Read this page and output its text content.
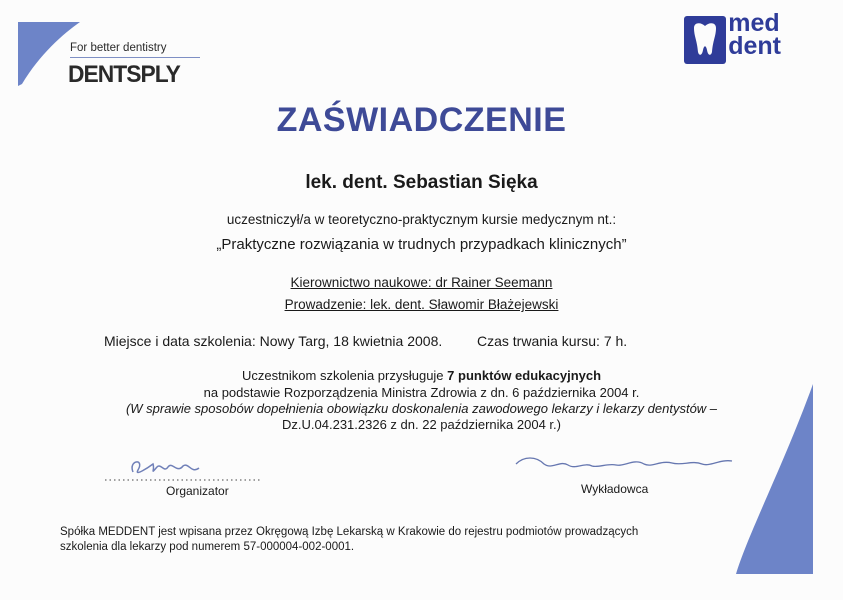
For better dentistry
DENTSPLY
med
dent
ZAŚWIADCZENIE
lek. dent. Sebastian Sięka
uczestniczył/a w teoretyczno-praktycznym kursie medycznym nt.:
„Praktyczne rozwiązania w trudnych przypadkach klinicznych”
Kierownictwo naukowe: dr Rainer Seemann
Prowadzenie: lek. dent. Sławomir Błażejewski
Miejsce i data szkolenia: Nowy Targ, 18 kwietnia 2008. Czas trwania kursu: 7 h.
Uczestnikom szkolenia przysługuje 7 punktów edukacyjnych
na podstawie Rozporządzenia Ministra Zdrowia z dn. 6 października 2004 r.
(W sprawie sposobów dopełnienia obowiązku doskonalenia zawodowego lekarzy i lekarzy dentystów –
Dz.U.04.231.2326 z dn. 22 października 2004 r.)
Organizator	Wykładowca
Spółka MEDDENT jest wpisana przez Okręgową Izbę Lekarską w Krakowie do rejestru podmiotów prowadzących
szkolenia dla lekarzy pod numerem 57-000004-002-0001.
